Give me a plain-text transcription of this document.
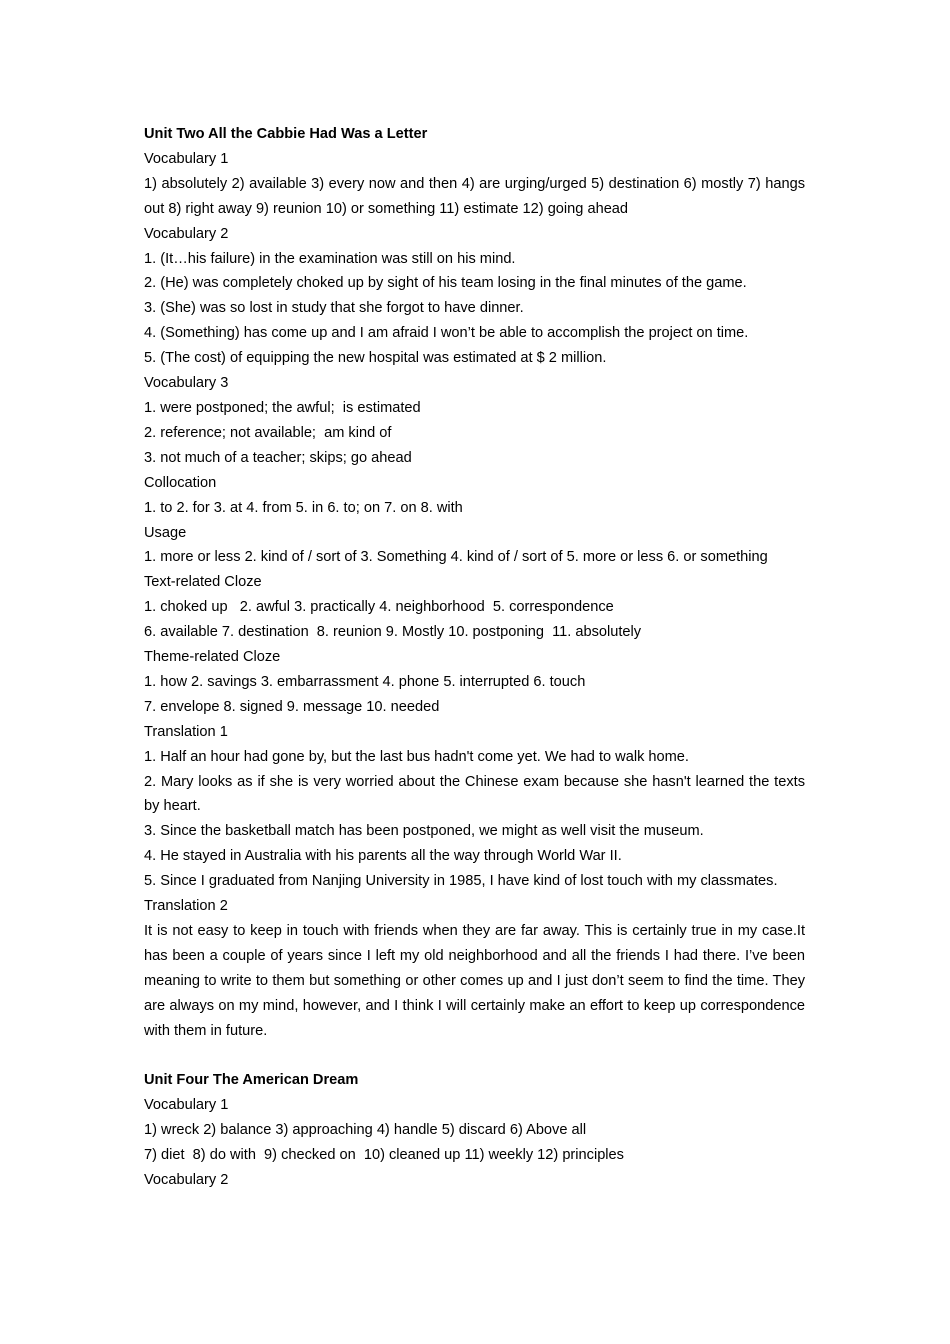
Unit Two All the Cabbie Had Was a Letter
Vocabulary 1
1) absolutely 2) available 3) every now and then 4) are urging/urged 5) destination 6) mostly 7) hangs out 8) right away 9) reunion 10) or something 11) estimate 12) going ahead
Vocabulary 2
1. (It…his failure) in the examination was still on his mind.
2. (He) was completely choked up by sight of his team losing in the final minutes of the game.
3. (She) was so lost in study that she forgot to have dinner.
4. (Something) has come up and I am afraid I won’t be able to accomplish the project on time.
5. (The cost) of equipping the new hospital was estimated at $ 2 million.
Vocabulary 3
1. were postponed; the awful;  is estimated
2. reference; not available;  am kind of
3. not much of a teacher; skips; go ahead
Collocation
1. to 2. for 3. at 4. from 5. in 6. to; on 7. on 8. with
Usage
1. more or less 2. kind of / sort of 3. Something 4. kind of / sort of 5. more or less 6. or something
Text-related Cloze
1. choked up   2. awful 3. practically 4. neighborhood  5. correspondence
6. available 7. destination  8. reunion 9. Mostly 10. postponing  11. absolutely
Theme-related Cloze
1. how 2. savings 3. embarrassment 4. phone 5. interrupted 6. touch
7. envelope 8. signed 9. message 10. needed
Translation 1
1. Half an hour had gone by, but the last bus hadn't come yet. We had to walk home.
2. Mary looks as if she is very worried about the Chinese exam because she hasn't learned the texts by heart.
3. Since the basketball match has been postponed, we might as well visit the museum.
4. He stayed in Australia with his parents all the way through World War II.
5. Since I graduated from Nanjing University in 1985, I have kind of lost touch with my classmates.
Translation 2
It is not easy to keep in touch with friends when they are far away. This is certainly true in my case.It has been a couple of years since I left my old neighborhood and all the friends I had there. I’ve been meaning to write to them but something or other comes up and I just don’t seem to find the time. They are always on my mind, however, and I think I will certainly make an effort to keep up correspondence with them in future.
Unit Four The American Dream
Vocabulary 1
1) wreck 2) balance 3) approaching 4) handle 5) discard 6) Above all
7) diet  8) do with  9) checked on  10) cleaned up 11) weekly 12) principles
Vocabulary 2
